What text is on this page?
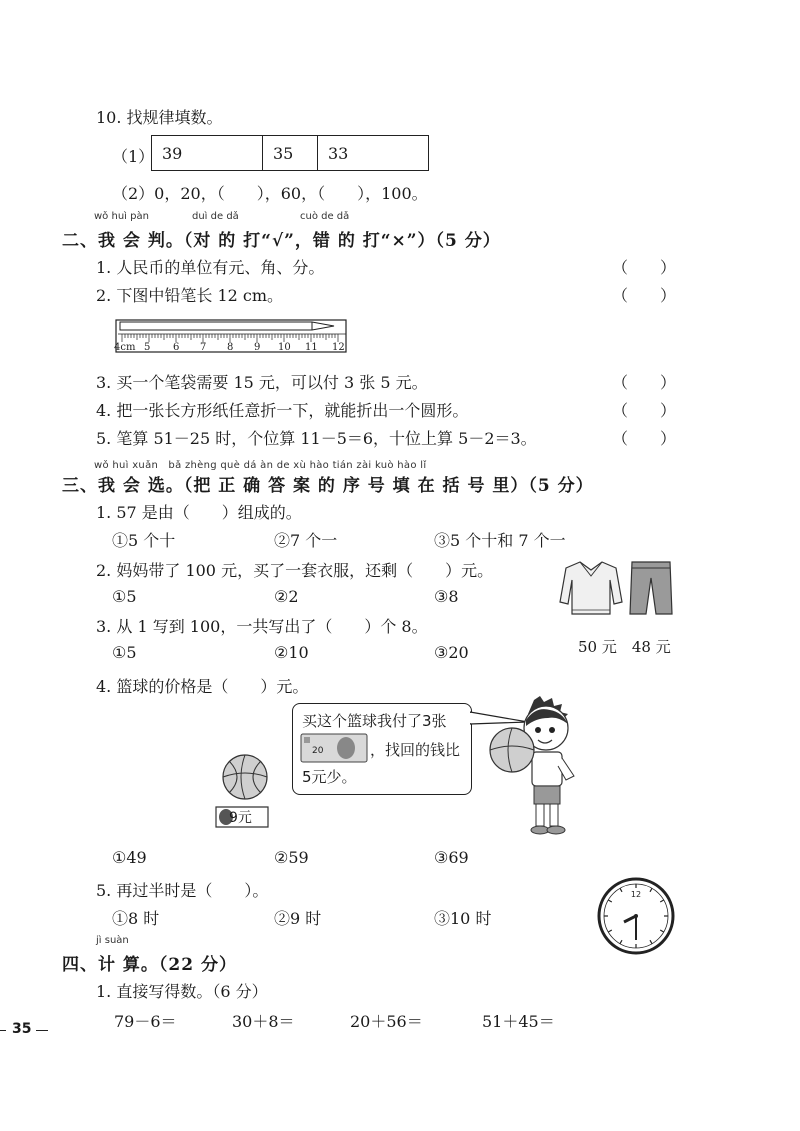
10. 找规律填数。
（1） 39	35	33
（2）0，20，（　　），60，（　　），100。
wǒ huì pàn	duì de dǎ	cuò de dǎ
二、我 会 判。（对 的 打“√”，错 的 打“×”）（5 分）
1. 人民币的单位有元、角、分。	（　　）
2. 下图中铅笔长 12 cm。	（　　）
4cm 5 6 7 8 9 10 11 12
3. 买一个笔袋需要 15 元，可以付 3 张 5 元。	（　　）
4. 把一张长方形纸任意折一下，就能折出一个圆形。	（　　）
5. 笔算 51－25 时，个位算 11－5＝6，十位上算 5－2＝3。	（　　）
wǒ huì xuǎn　bǎ zhèng què dá àn de xù hào tián zài kuò hào lǐ
三、我 会 选。（把 正 确 答 案 的 序 号 填 在 括 号 里）（5 分）
1. 57 是由（　　）组成的。
①5 个十	②7 个一	③5 个十和 7 个一
2. 妈妈带了 100 元，买了一套衣服，还剩（　　）元。
①5	②2	③8
50 元　48 元
3. 从 1 写到 100，一共写出了（　　）个 8。
①5	②10	③20
4. 篮球的价格是（　　）元。
9元
买这个篮球我付了3张
20	，找回的钱比
5元少。
①49	②59	③69
5. 再过半时是（　　）。
①8 时	②9 时	③10 时
12
jì suàn
四、计 算。（22 分）
1. 直接写得数。（6 分）
79－6＝	30＋8＝	20＋56＝	51＋45＝
35
